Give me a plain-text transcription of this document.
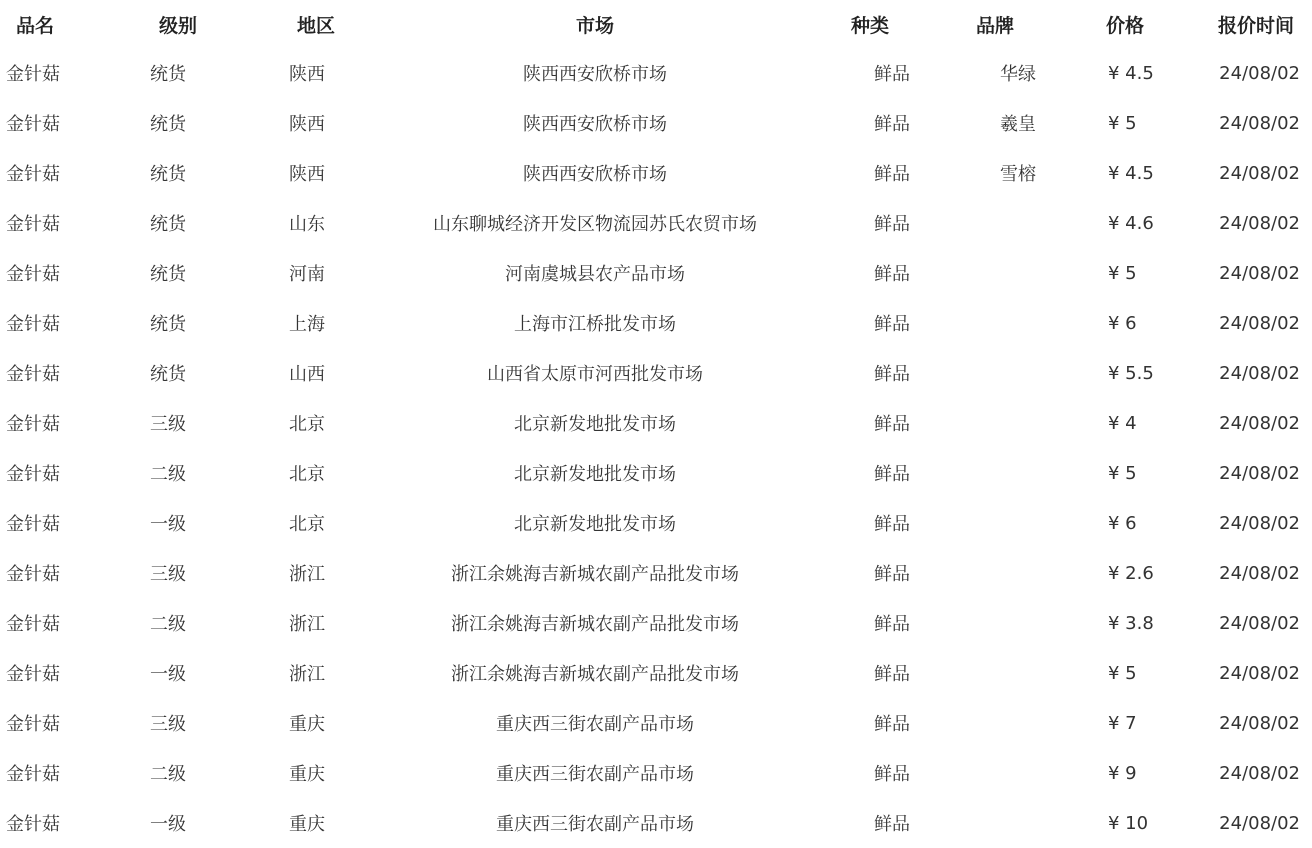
品名	级别	地区	市场	种类	品牌	价格	报价时间
金针菇	统货	陕西	陕西西安欣桥市场	鲜品	华绿	¥ 4.5	24/08/02
金针菇	统货	陕西	陕西西安欣桥市场	鲜品	羲皇	¥ 5	24/08/02
金针菇	统货	陕西	陕西西安欣桥市场	鲜品	雪榕	¥ 4.5	24/08/02
金针菇	统货	山东	山东聊城经济开发区物流园苏氏农贸市场	鲜品		¥ 4.6	24/08/02
金针菇	统货	河南	河南虞城县农产品市场	鲜品		¥ 5	24/08/02
金针菇	统货	上海	上海市江桥批发市场	鲜品		¥ 6	24/08/02
金针菇	统货	山西	山西省太原市河西批发市场	鲜品		¥ 5.5	24/08/02
金针菇	三级	北京	北京新发地批发市场	鲜品		¥ 4	24/08/02
金针菇	二级	北京	北京新发地批发市场	鲜品		¥ 5	24/08/02
金针菇	一级	北京	北京新发地批发市场	鲜品		¥ 6	24/08/02
金针菇	三级	浙江	浙江余姚海吉新城农副产品批发市场	鲜品		¥ 2.6	24/08/02
金针菇	二级	浙江	浙江余姚海吉新城农副产品批发市场	鲜品		¥ 3.8	24/08/02
金针菇	一级	浙江	浙江余姚海吉新城农副产品批发市场	鲜品		¥ 5	24/08/02
金针菇	三级	重庆	重庆西三街农副产品市场	鲜品		¥ 7	24/08/02
金针菇	二级	重庆	重庆西三街农副产品市场	鲜品		¥ 9	24/08/02
金针菇	一级	重庆	重庆西三街农副产品市场	鲜品		¥ 10	24/08/02
